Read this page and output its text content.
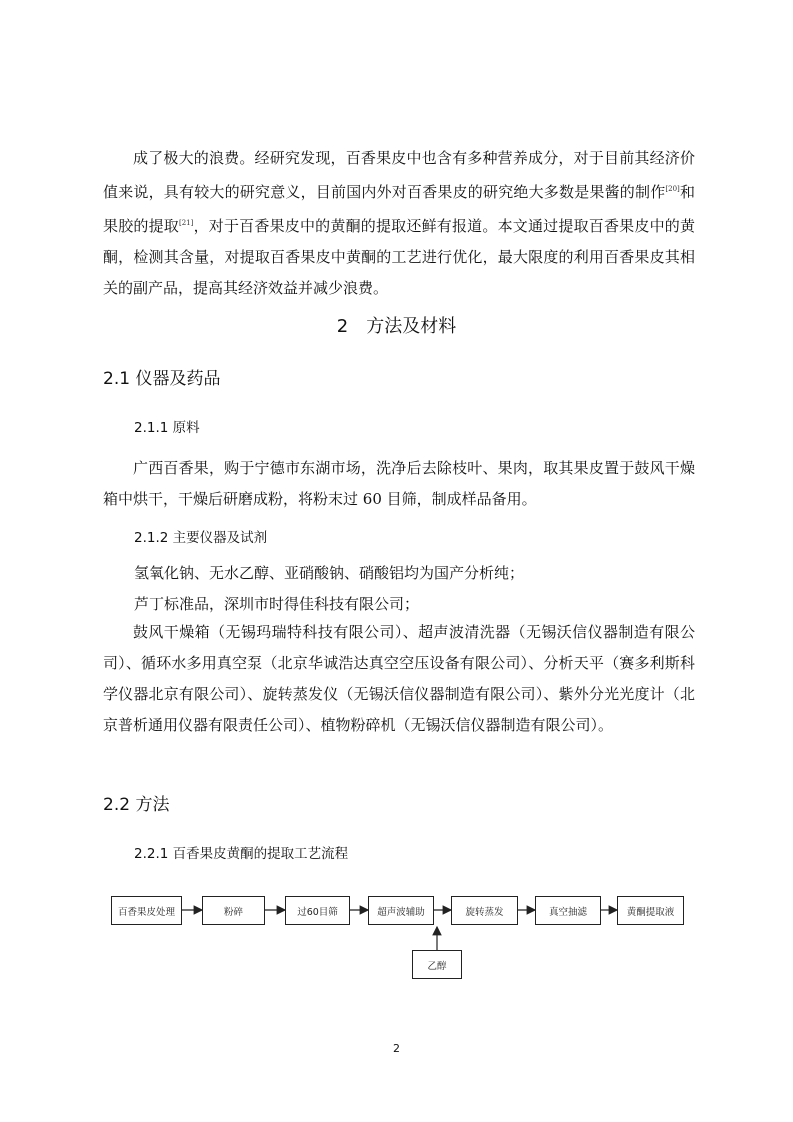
成了极大的浪费。经研究发现，百香果皮中也含有多种营养成分，对于目前其经济价值来说，具有较大的研究意义，目前国内外对百香果皮的研究绝大多数是果酱的制作[20]和果胶的提取[21]，对于百香果皮中的黄酮的提取还鲜有报道。本文通过提取百香果皮中的黄酮，检测其含量，对提取百香果皮中黄酮的工艺进行优化，最大限度的利用百香果皮其相关的副产品，提高其经济效益并减少浪费。

2　方法及材料
2.1 仪器及药品
2.1.1 原料

广西百香果，购于宁德市东湖市场，洗净后去除枝叶、果肉，取其果皮置于鼓风干燥箱中烘干，干燥后研磨成粉，将粉末过 60 目筛，制成样品备用。

2.1.2 主要仪器及试剂

氢氧化钠、无水乙醇、亚硝酸钠、硝酸铝均为国产分析纯；

芦丁标准品，深圳市时得佳科技有限公司；

鼓风干燥箱（无锡玛瑞特科技有限公司）、超声波清洗器（无锡沃信仪器制造有限公司）、循环水多用真空泵（北京华诚浩达真空空压设备有限公司）、分析天平（赛多利斯科学仪器北京有限公司）、旋转蒸发仪（无锡沃信仪器制造有限公司）、紫外分光光度计（北京普析通用仪器有限责任公司）、植物粉碎机（无锡沃信仪器制造有限公司）。

2.2 方法
2.2.1 百香果皮黄酮的提取工艺流程
百香果皮处理	粉碎	过60目筛	超声波辅助	旋转蒸发	真空抽滤	黄酮提取液
乙醇

2
